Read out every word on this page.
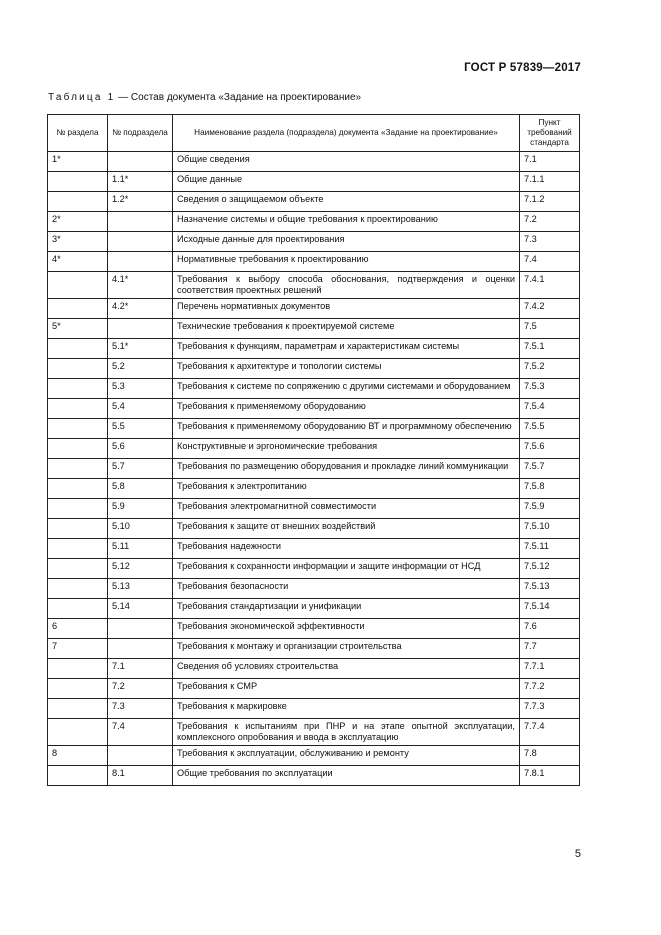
ГОСТ Р 57839—2017
Таблица 1 — Состав документа «Задание на проектирование»
№ раздела	№ подраздела	Наименование раздела (подраздела) документа «Задание на проектирование»	Пункт требований стандарта
1*		Общие сведения	7.1
	1.1*	Общие данные	7.1.1
	1.2*	Сведения о защищаемом объекте	7.1.2
2*		Назначение системы и общие требования к проектированию	7.2
3*		Исходные данные для проектирования	7.3
4*		Нормативные требования к проектированию	7.4
	4.1*	Требования к выбору способа обоснования, подтверждения и оценки соответствия проектных решений	7.4.1
	4.2*	Перечень нормативных документов	7.4.2
5*		Технические требования к проектируемой системе	7.5
	5.1*	Требования к функциям, параметрам и характеристикам системы	7.5.1
	5.2	Требования к архитектуре и топологии системы	7.5.2
	5.3	Требования к системе по сопряжению с другими системами и оборудованием	7.5.3
	5.4	Требования к применяемому оборудованию	7.5.4
	5.5	Требования к применяемому оборудованию ВТ и программному обеспечению	7.5.5
	5.6	Конструктивные и эргономические требования	7.5.6
	5.7	Требования по размещению оборудования и прокладке линий коммуникации	7.5.7
	5.8	Требования к электропитанию	7.5.8
	5.9	Требования электромагнитной совместимости	7.5.9
	5.10	Требования к защите от внешних воздействий	7.5.10
	5.11	Требования надежности	7.5.11
	5.12	Требования к сохранности информации и защите информации от НСД	7.5.12
	5.13	Требования безопасности	7.5.13
	5.14	Требования стандартизации и унификации	7.5.14
6		Требования экономической эффективности	7.6
7		Требования к монтажу и организации строительства	7.7
	7.1	Сведения об условиях строительства	7.7.1
	7.2	Требования к СМР	7.7.2
	7.3	Требования к маркировке	7.7.3
	7.4	Требования к испытаниям при ПНР и на этапе опытной эксплуатации, комплексного опробования и ввода в эксплуатацию	7.7.4
8		Требования к эксплуатации, обслуживанию и ремонту	7.8
	8.1	Общие требования по эксплуатации	7.8.1
5
